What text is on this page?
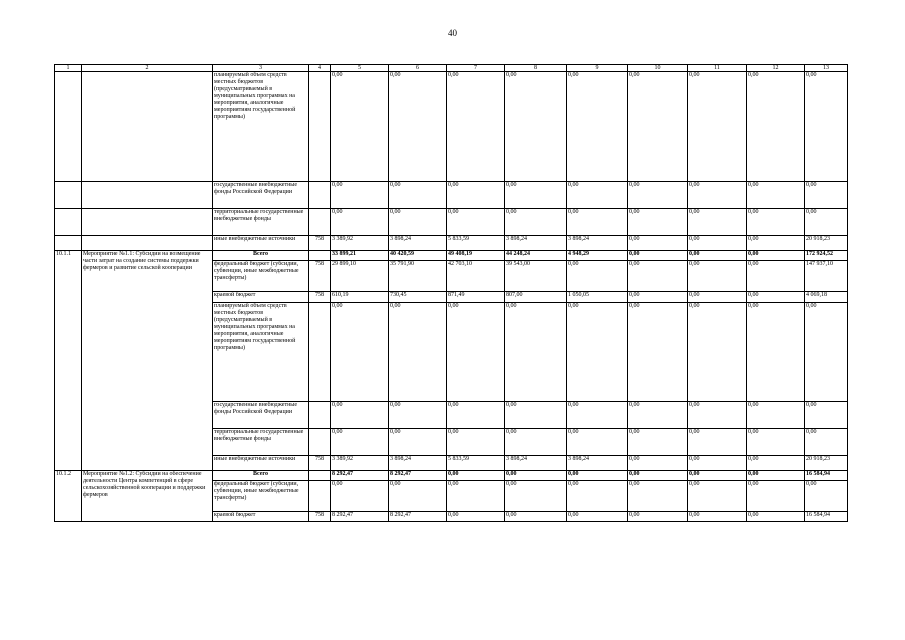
40
1	2	3	4	5	6	7	8	9	10	11	12	13
		планируемый объем средств местных бюджетов (предусматриваемый в муниципальных программах на мероприятия, аналогичные мероприятиям государственной программы)		0,00	0,00	0,00	0,00	0,00	0,00	0,00	0,00	0,00
		государственные внебюджетные фонды Российской Федерации		0,00	0,00	0,00	0,00	0,00	0,00	0,00	0,00	0,00
		территориальные государственные внебюджетные фонды		0,00	0,00	0,00	0,00	0,00	0,00	0,00	0,00	0,00
		иные внебюджетные источники	758	3 389,92	3 898,24	5 833,59	3 898,24	3 898,24	0,00	0,00	0,00	20 918,23
10.1.1	Мероприятие №1.1: Субсидии на возмещение части затрат на создание системы поддержки фермеров и развитие сельской кооперации	Всего		33 899,21	40 420,59	49 408,19	44 248,24	4 948,29	0,00	0,00	0,00	172 924,52
		федеральный бюджет (субсидии, субвенции, иные межбюджетные трансферты)	758	29 899,10	35 791,90	42 703,10	39 543,00	0,00	0,00	0,00	0,00	147 937,10
		краевой бюджет	758	610,19	730,45	871,49	807,00	1 050,05	0,00	0,00	0,00	4 069,18
		планируемый объем средств местных бюджетов (предусматриваемый в муниципальных программах на мероприятия, аналогичные мероприятиям государственной программы)		0,00	0,00	0,00	0,00	0,00	0,00	0,00	0,00	0,00
		государственные внебюджетные фонды Российской Федерации		0,00	0,00	0,00	0,00	0,00	0,00	0,00	0,00	0,00
		территориальные государственные внебюджетные фонды		0,00	0,00	0,00	0,00	0,00	0,00	0,00	0,00	0,00
		иные внебюджетные источники	758	3 389,92	3 898,24	5 833,59	3 898,24	3 898,24	0,00	0,00	0,00	20 918,23
10.1.2	Мероприятие №1.2: Субсидии на обеспечение деятельности Центра компетенций в сфере сельскохозяйственной кооперации и поддержки фермеров	Всего		8 292,47	8 292,47	0,00	0,00	0,00	0,00	0,00	0,00	16 584,94
		федеральный бюджет (субсидии, субвенции, иные межбюджетные трансферты)		0,00	0,00	0,00	0,00	0,00	0,00	0,00	0,00	0,00
		краевой бюджет	758	8 292,47	8 292,47	0,00	0,00	0,00	0,00	0,00	0,00	16 584,94
